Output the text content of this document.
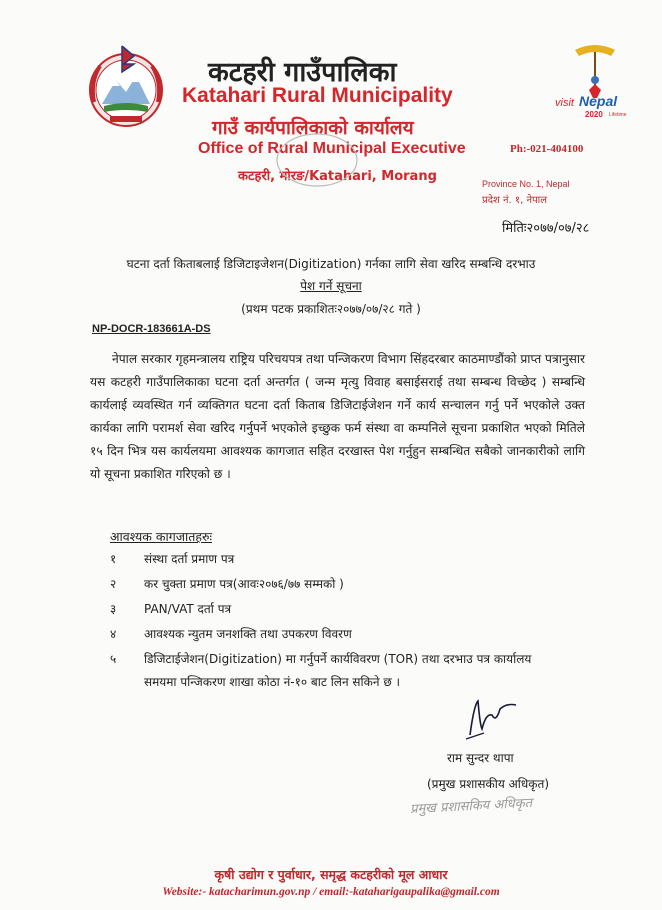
कटहरी गाउँपालिका
Katahari Rural Municipality
गाउँ कार्यपालिकाको कार्यालय
Office of Rural Municipal Executive
कटहरी, मोरङ/Katahari, Morang
visit Nepal
2020 Lifetime
Ph:-021-404100
Province No. 1, Nepal
प्रदेश नं. १, नेपाल
मितिः२०७७/०७/२८
घटना दर्ता किताबलाई डिजिटाइजेशन(Digitization) गर्नका लागि सेवा खरिद सम्बन्धि दरभाउ
पेश गर्ने सूचना
(प्रथम पटक प्रकाशितः२०७७/०७/२८ गते )
NP-DOCR-183661A-DS
नेपाल सरकार गृहमन्त्रालय राष्ट्रिय परिचयपत्र तथा पन्जिकरण विभाग सिंहदरबार काठमाण्डौंको प्राप्त पत्रानुसार यस कटहरी गाउँपालिकाका घटना दर्ता अन्तर्गत ( जन्म मृत्यु विवाह बसाईसराई तथा सम्बन्ध विच्छेद ) सम्बन्धि कार्यलाई व्यवस्थित गर्न व्यक्तिगत घटना दर्ता किताब डिजिटाईजेशन गर्ने कार्य सन्चालन गर्नु पर्ने भएकोले उक्त कार्यका लागि परामर्श सेवा खरिद गर्नुपर्ने भएकोले इच्छुक फर्म संस्था वा कम्पनिले सूचना प्रकाशित भएको मितिले १५ दिन भित्र यस कार्यलयमा आवश्यक कागजात सहित दरखास्त पेश गर्नुहुन सम्बन्धित सबैको जानकारीको लागि यो सूचना प्रकाशित गरिएको छ ।
आवश्यक कागजातहरुः
१ संस्था दर्ता प्रमाण पत्र
२ कर चुक्ता प्रमाण पत्र(आवः२०७६/७७ सम्मको )
३ PAN/VAT दर्ता पत्र
४ आवश्यक न्युतम जनशक्ति तथा उपकरण विवरण
५ डिजिटाईजेशन(Digitization) मा गर्नुपर्ने कार्यविवरण (TOR) तथा दरभाउ पत्र कार्यालय
समयमा पन्जिकरण शाखा कोठा नं-१० बाट लिन सकिने छ ।
राम सुन्दर थापा
(प्रमुख प्रशासकीय अधिकृत)
प्रमुख प्रशासकिय अधिकृत
कृषी उद्योग र पुर्वाधार, समृद्ध कटहरीको मूल आधार
Website:- katacharimun.gov.np / email:-kataharigaupalika@gmail.com
